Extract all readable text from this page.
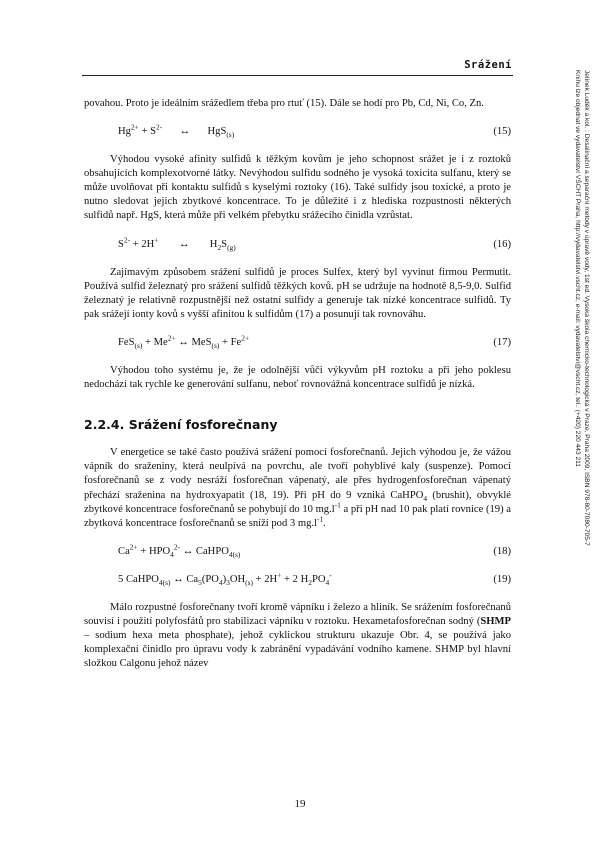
Srážení
Jelínek Luděk a kol. : Desalinační a separační metody v úpravě vody, 1st ed. Vysoká škola chemicko-technologická v Praze, Praha 2009, ISBN 978-80-7080-705-7
Knihu lze objednat ve vydavatelství VŠCHT Praha, http://vydavatelstvi.vscht.cz, e-mail: vydavatelstvi@vscht.cz, tel.: (+420) 220 443 211

povahou. Proto je ideálním srážedlem třeba pro rtuť (15). Dále se hodí pro Pb, Cd, Ni, Co, Zn.

$Hg^{2+} + S^{2-}$ ↔ HgS$_{(s)}$	(15)

Výhodou vysoké afinity sulfidů k těžkým kovům je jeho schopnost srážet je i z roztoků obsahujících komplexotvorné látky. Nevýhodou sulfidu sodného je vysoká toxicita sulfanu, který se může uvolňovat při kontaktu sulfidů s kyselými roztoky (16). Také sulfidy jsou toxické, a proto je nutno sledovat jejich zbytkové koncentrace. To je důležité i z hlediska rozpustnosti některých sulfidů např. HgS, která může při velkém přebytku srážecího činidla vzrůstat.

$S^{2-} + 2H^+$ ↔ $H_2S_{(g)}$	(16)

Zajímavým způsobem srážení sulfidů je proces Sulfex, který byl vyvinut firmou Permutit. Používá sulfid železnatý pro srážení sulfidů těžkých kovů. pH se udržuje na hodnotě 8,5-9,0. Sulfid železnatý je relativně rozpustnější než ostatní sulfidy a generuje tak nízké koncentrace sulfidů. Ty pak srážejí ionty kovů s vyšší afinitou k sulfidům (17) a posunují tak rovnováhu.

$FeS_{(s)} + Me^{2+}$ ↔ $MeS_{(s)} + Fe^{2+}$	(17)

Výhodou toho systému je, že je odolnější vůči výkyvům pH roztoku a při jeho poklesu nedochází tak rychle ke generování sulfanu, neboť rovnovážná koncentrace sulfidů je nízká.

2.2.4. Srážení fosforečnany

V energetice se také často používá srážení pomocí fosforečnanů. Jejich výhodou je, že vážou vápník do sraženiny, která neulpívá na povrchu, ale tvoří pohyblivé kaly (suspenze). Pomocí fosforečnanů se z vody nesráží fosforečnan vápenatý, ale přes hydrogenfosforečnan vápenatý přechází sraženina na hydroxyapatit (18, 19). Při pH do 9 vzniká CaHPO$_4$ (brushit), obvyklé zbytkové koncentrace fosforečnanů se pohybují do 10 $mg.l^{-1}$ a při pH nad 10 pak platí rovnice (19) a zbytková koncentrace fosforečnanů se sníží pod 3 $mg.l^{-1}$.

$Ca^{2+} + HPO_4^{2-}$ ↔ CaHPO$_{4(s)}$	(18)
5 CaHPO$_{4(s)}$ ↔ $Ca_5(PO_4)_3OH_{(s)} + 2H^+ + 2$ $H_2PO_4^-$	(19)

Málo rozpustné fosforečnany tvoří kromě vápníku i železo a hliník. Se srážením fosforečnanů souvisí i použití polyfosfátů pro stabilizaci vápníku v roztoku. Hexametafosforečnan sodný (SHMP – sodium hexa meta phosphate), jehož cyklickou strukturu ukazuje Obr. 4, se používá jako komplexační činidlo pro úpravu vody k zabránění vypadávání vodního kamene. SHMP byl hlavní složkou Calgonu jehož název

19
